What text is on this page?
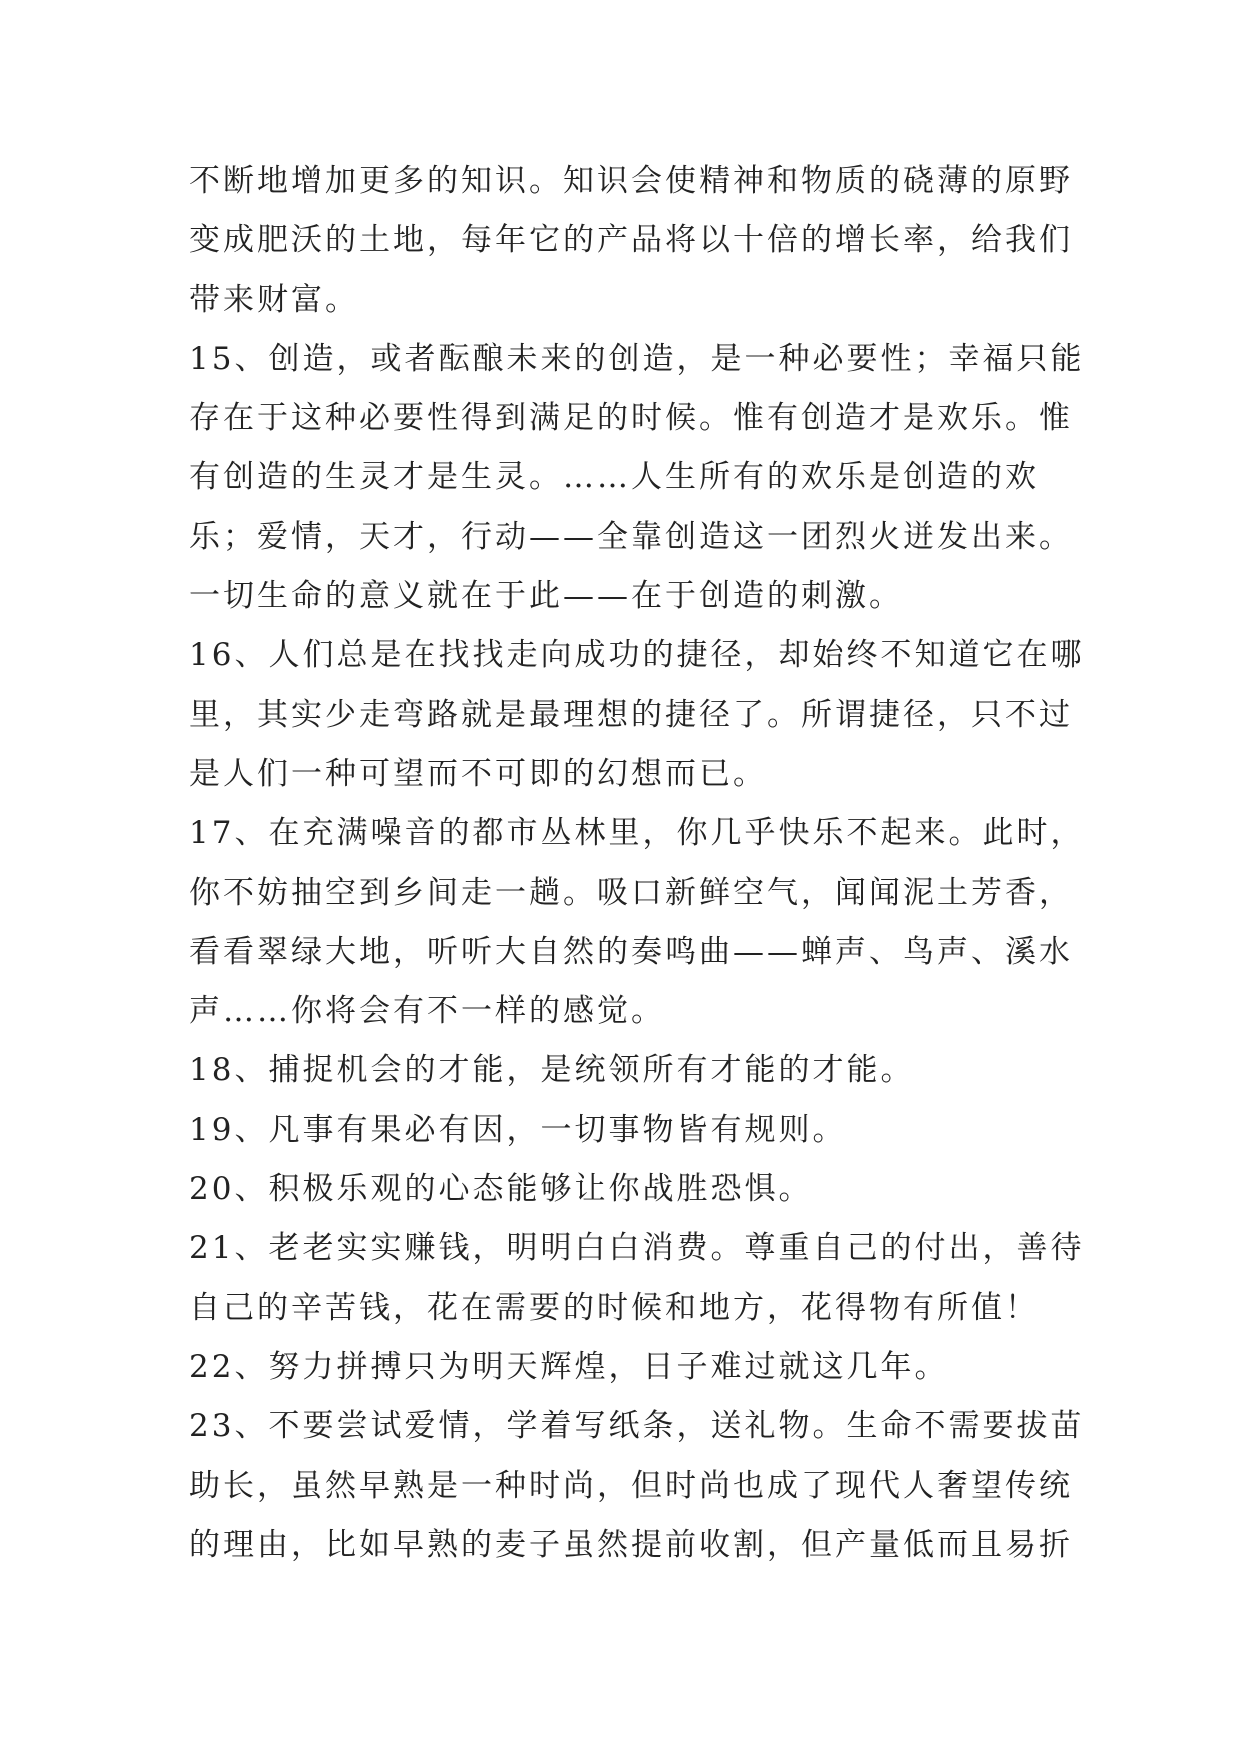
不断地增加更多的知识。知识会使精神和物质的硗薄的原野
变成肥沃的土地，每年它的产品将以十倍的增长率，给我们
带来财富。
15、创造，或者酝酿未来的创造，是一种必要性；幸福只能
存在于这种必要性得到满足的时候。惟有创造才是欢乐。惟
有创造的生灵才是生灵。……人生所有的欢乐是创造的欢
乐；爱情，天才，行动——全靠创造这一团烈火迸发出来。
一切生命的意义就在于此——在于创造的刺激。
16、人们总是在找找走向成功的捷径，却始终不知道它在哪
里，其实少走弯路就是最理想的捷径了。所谓捷径，只不过
是人们一种可望而不可即的幻想而已。
17、在充满噪音的都市丛林里，你几乎快乐不起来。此时，
你不妨抽空到乡间走一趟。吸口新鲜空气，闻闻泥土芳香，
看看翠绿大地，听听大自然的奏鸣曲——蝉声、鸟声、溪水
声……你将会有不一样的感觉。
18、捕捉机会的才能，是统领所有才能的才能。
19、凡事有果必有因，一切事物皆有规则。
20、积极乐观的心态能够让你战胜恐惧。
21、老老实实赚钱，明明白白消费。尊重自己的付出，善待
自己的辛苦钱，花在需要的时候和地方，花得物有所值！
22、努力拼搏只为明天辉煌，日子难过就这几年。
23、不要尝试爱情，学着写纸条，送礼物。生命不需要拔苗
助长，虽然早熟是一种时尚，但时尚也成了现代人奢望传统
的理由，比如早熟的麦子虽然提前收割，但产量低而且易折
